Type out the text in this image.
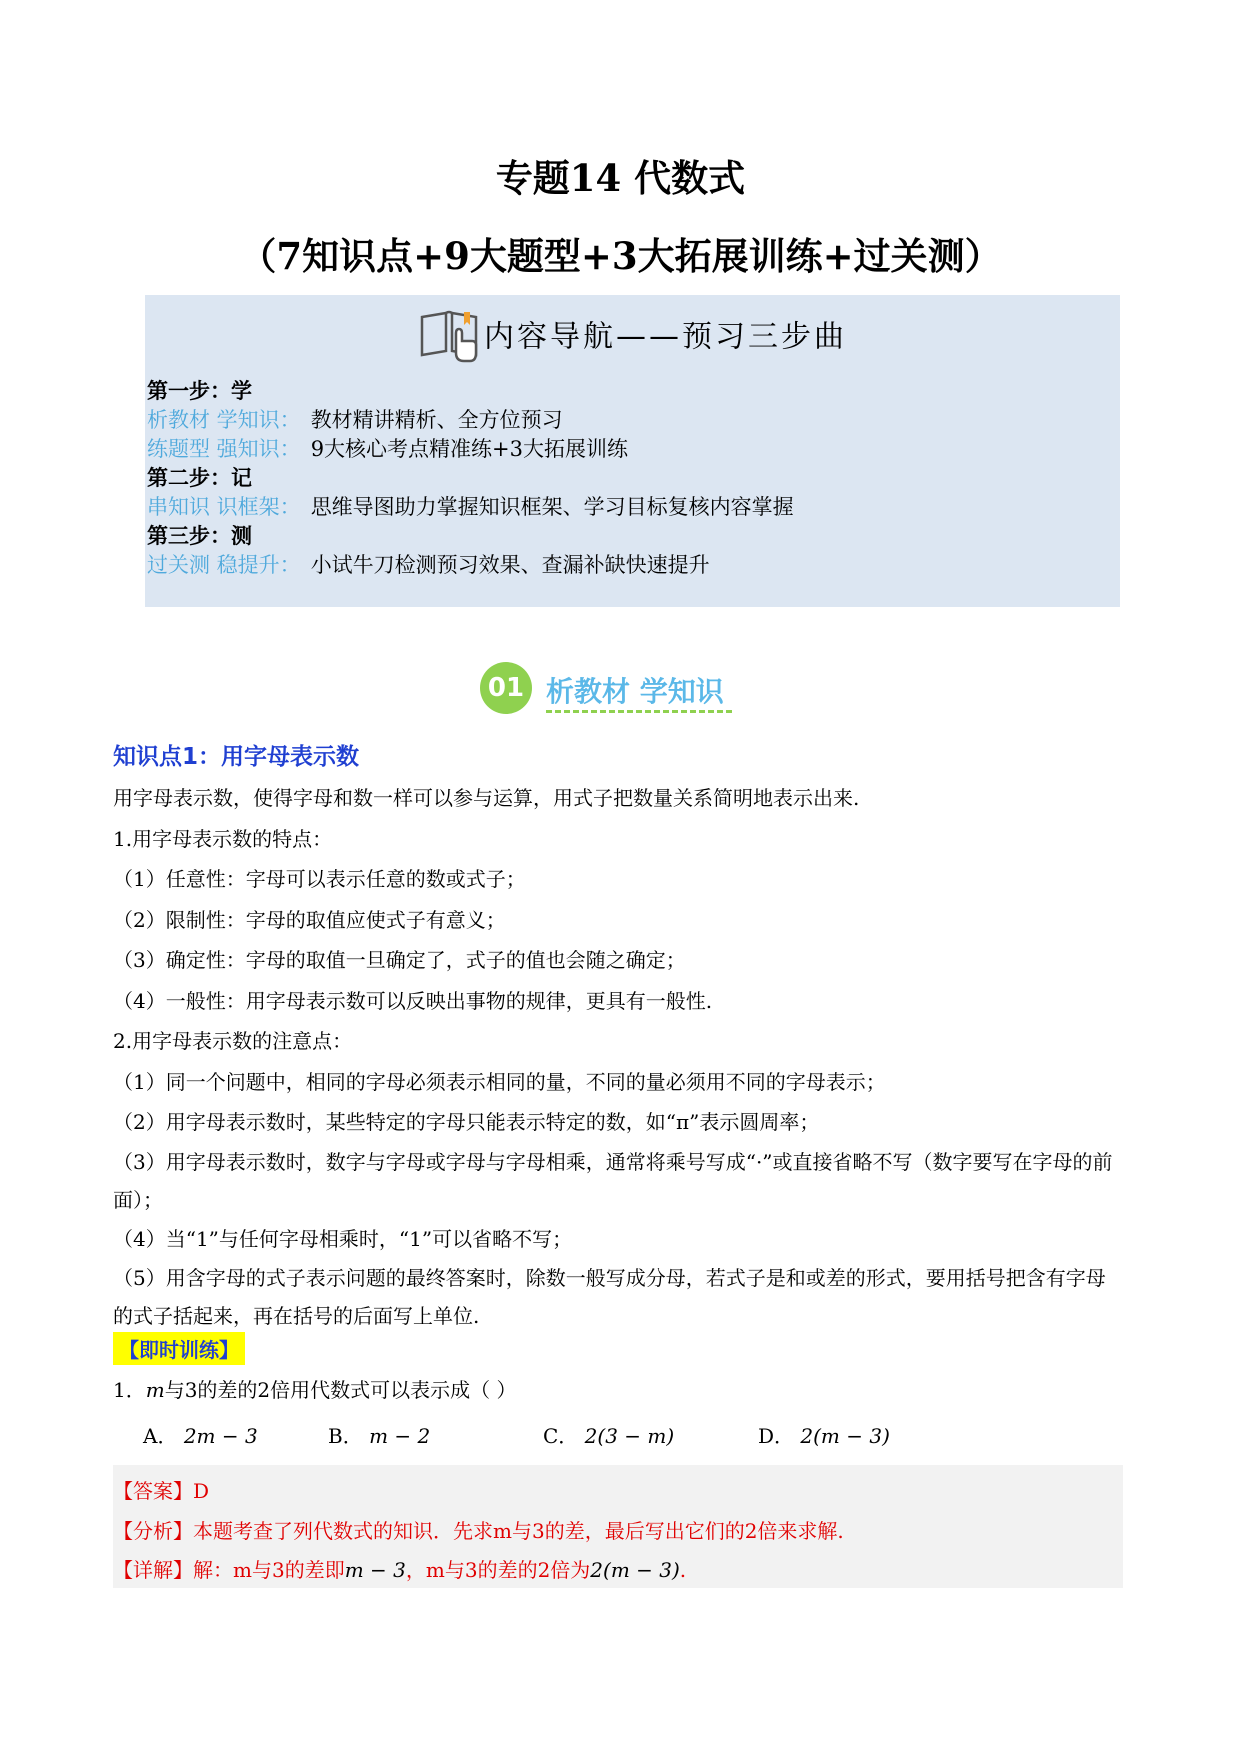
专题14 代数式
（7知识点+9大题型+3大拓展训练+过关测）
内容导航——预习三步曲
第一步：学
析教材 学知识： 教材精讲精析、全方位预习
练题型 强知识： 9大核心考点精准练+3大拓展训练
第二步：记
串知识 识框架： 思维导图助力掌握知识框架、学习目标复核内容掌握
第三步：测
过关测 稳提升： 小试牛刀检测预习效果、查漏补缺快速提升
01 析教材 学知识
知识点1：用字母表示数

用字母表示数，使得字母和数一样可以参与运算，用式子把数量关系简明地表示出来.

1.用字母表示数的特点：

（1）任意性：字母可以表示任意的数或式子；

（2）限制性：字母的取值应使式子有意义；

（3）确定性：字母的取值一旦确定了，式子的值也会随之确定；

（4）一般性：用字母表示数可以反映出事物的规律，更具有一般性.

2.用字母表示数的注意点：

（1）同一个问题中，相同的字母必须表示相同的量，不同的量必须用不同的字母表示；

（2）用字母表示数时，某些特定的字母只能表示特定的数，如“π”表示圆周率；

（3）用字母表示数时，数字与字母或字母与字母相乘，通常将乘号写成“·”或直接省略不写（数字要写在字母的前面）；

（4）当“1”与任何字母相乘时，“1”可以省略不写；

（5）用含字母的式子表示问题的最终答案时，除数一般写成分母，若式子是和或差的形式，要用括号把含有字母的式子括起来，再在括号的后面写上单位.

【即时训练】
1．m与3的差的2倍用代数式可以表示成（ ）
A． 2m − 3	B． m − 2	C． 2(3 − m)	D． 2(m − 3)
【答案】D
【分析】本题考查了列代数式的知识．先求m与3的差，最后写出它们的2倍来求解.
【详解】解：m与3的差即m − 3，m与3的差的2倍为2(m − 3).
